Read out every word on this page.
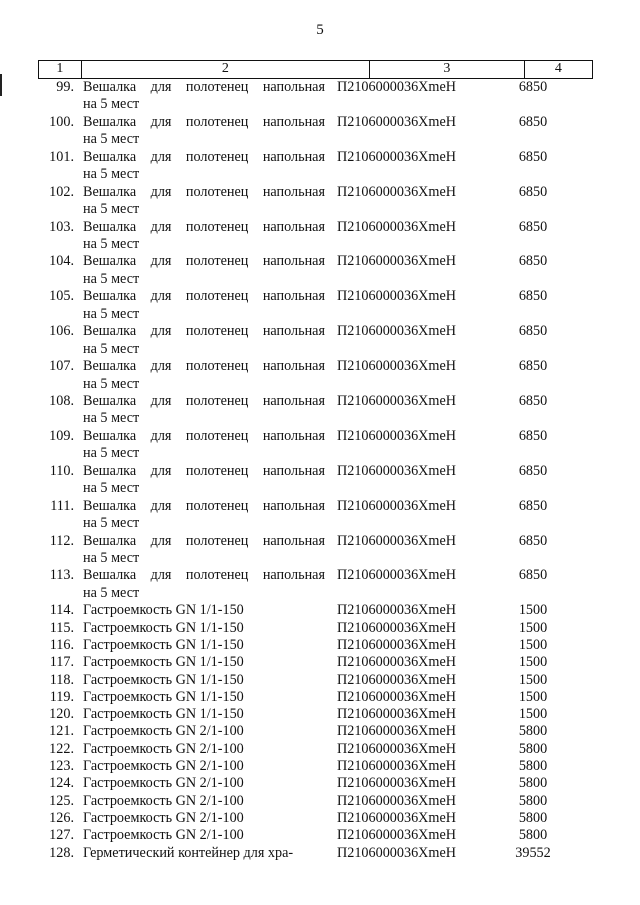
5
1	2	3	4
99. Вешалка для полотенец напольная
на 5 мест
П2106000036ХmeH	6850
100. Вешалка для полотенец напольная
на 5 мест
П2106000036ХmeH	6850
101. Вешалка для полотенец напольная
на 5 мест
П2106000036ХmeH	6850
102. Вешалка для полотенец напольная
на 5 мест
П2106000036ХmeH	6850
103. Вешалка для полотенец напольная
на 5 мест
П2106000036ХmeH	6850
104. Вешалка для полотенец напольная
на 5 мест
П2106000036ХmeH	6850
105. Вешалка для полотенец напольная
на 5 мест
П2106000036ХmeH	6850
106. Вешалка для полотенец напольная
на 5 мест
П2106000036ХmeH	6850
107. Вешалка для полотенец напольная
на 5 мест
П2106000036ХmeH	6850
108. Вешалка для полотенец напольная
на 5 мест
П2106000036ХmeH	6850
109. Вешалка для полотенец напольная
на 5 мест
П2106000036ХmeH	6850
110. Вешалка для полотенец напольная
на 5 мест
П2106000036ХmeH	6850
111. Вешалка для полотенец напольная
на 5 мест
П2106000036ХmeH	6850
112. Вешалка для полотенец напольная
на 5 мест
П2106000036ХmeH	6850
113. Вешалка для полотенец напольная
на 5 мест
П2106000036ХmeH	6850
114. Гастроемкость GN 1/1-150	П2106000036ХmeH	1500
115. Гастроемкость GN 1/1-150	П2106000036ХmeH	1500
116. Гастроемкость GN 1/1-150	П2106000036ХmeH	1500
117. Гастроемкость GN 1/1-150	П2106000036ХmeH	1500
118. Гастроемкость GN 1/1-150	П2106000036ХmeH	1500
119. Гастроемкость GN 1/1-150	П2106000036ХmeH	1500
120. Гастроемкость GN 1/1-150	П2106000036ХmeH	1500
121. Гастроемкость GN 2/1-100	П2106000036ХmeH	5800
122. Гастроемкость GN 2/1-100	П2106000036ХmeH	5800
123. Гастроемкость GN 2/1-100	П2106000036ХmeH	5800
124. Гастроемкость GN 2/1-100	П2106000036ХmeH	5800
125. Гастроемкость GN 2/1-100	П2106000036ХmeH	5800
126. Гастроемкость GN 2/1-100	П2106000036ХmeH	5800
127. Гастроемкость GN 2/1-100	П2106000036ХmeH	5800
128. Герметический контейнер для хра-	П2106000036ХmeH	39552
